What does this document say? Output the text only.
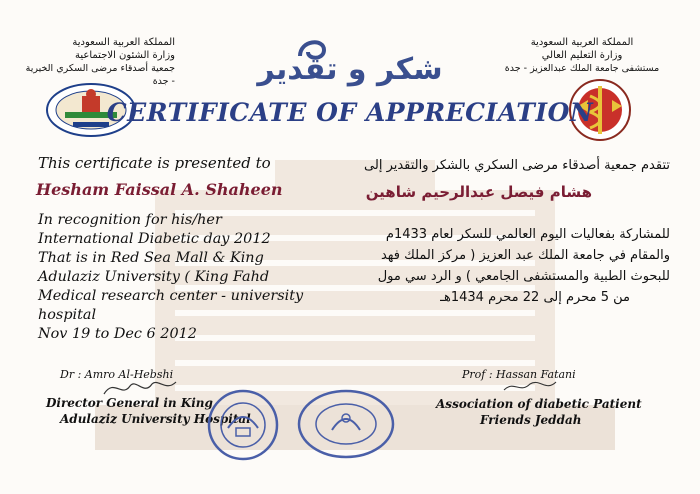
المملكة العربية السعودية
وزارة الشئون الاجتماعية
جمعية أصدقاء مرضى السكري الخيرية - جدة
المملكة العربية السعودية
وزارة التعليم العالي
مستشفى جامعة الملك عبدالعزيز - جدة
شكر و تقدير
CERTIFICATE OF APPRECIATION
This certificate is presented to
Hesham Faissal A. Shaheen
In recognition for his/her
International Diabetic day 2012
That is in Red Sea Mall & King
Adulaziz University ( King Fahd
Medical research center - university
hospital
Nov 19 to Dec 6 2012
تتقدم جمعية أصدقاء مرضى السكري بالشكر والتقدير إلى
هشام فيصل عبدالرحيم شاهين
للمشاركة بفعاليات اليوم العالمي للسكر لعام 1433م
والمقام في جامعة الملك عبد العزيز ( مركز الملك فهد
للبحوث الطبية والمستشفى الجامعي ) و الرد سي مول
من 5 محرم إلى 22 محرم 1434هـ
Dr : Amro Al-Hebshi
Director General in King
Adulaziz University Hospital
Prof : Hassan Fatani
Association of diabetic Patient
Friends Jeddah
